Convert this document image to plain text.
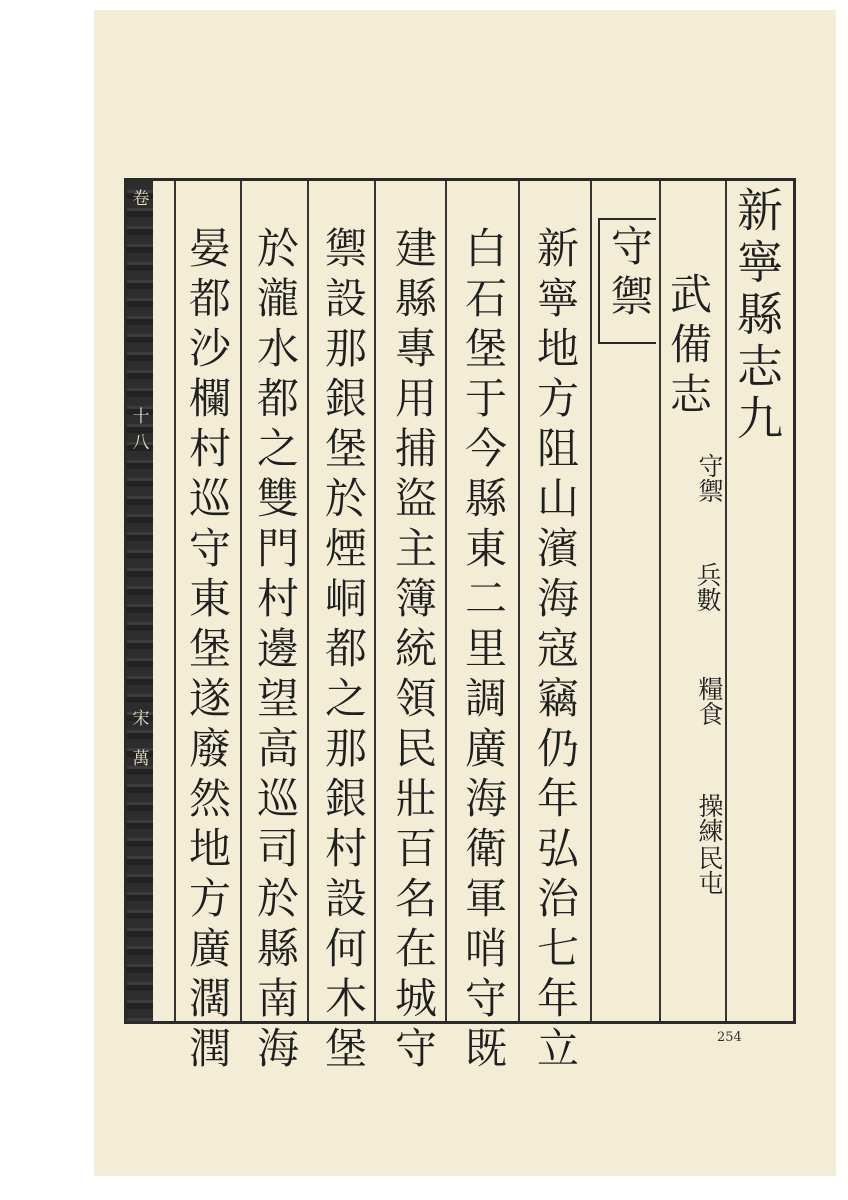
卷
十
八
宋
萬
新寧縣志九
武備志
守禦
兵數
糧食
操練
民屯
守禦
新寧地方阻山濱海寇竊仍年弘治七年立
白石堡于今縣東二里調廣海衛軍哨守既
建縣專用捕盜主簿統領民壯百名在城守
禦設那銀堡於煙峒都之那銀村設何木堡
於瀧水都之雙門村邊望高巡司於縣南海
晏都沙欄村巡守東堡遂廢然地方廣濶潤	254
